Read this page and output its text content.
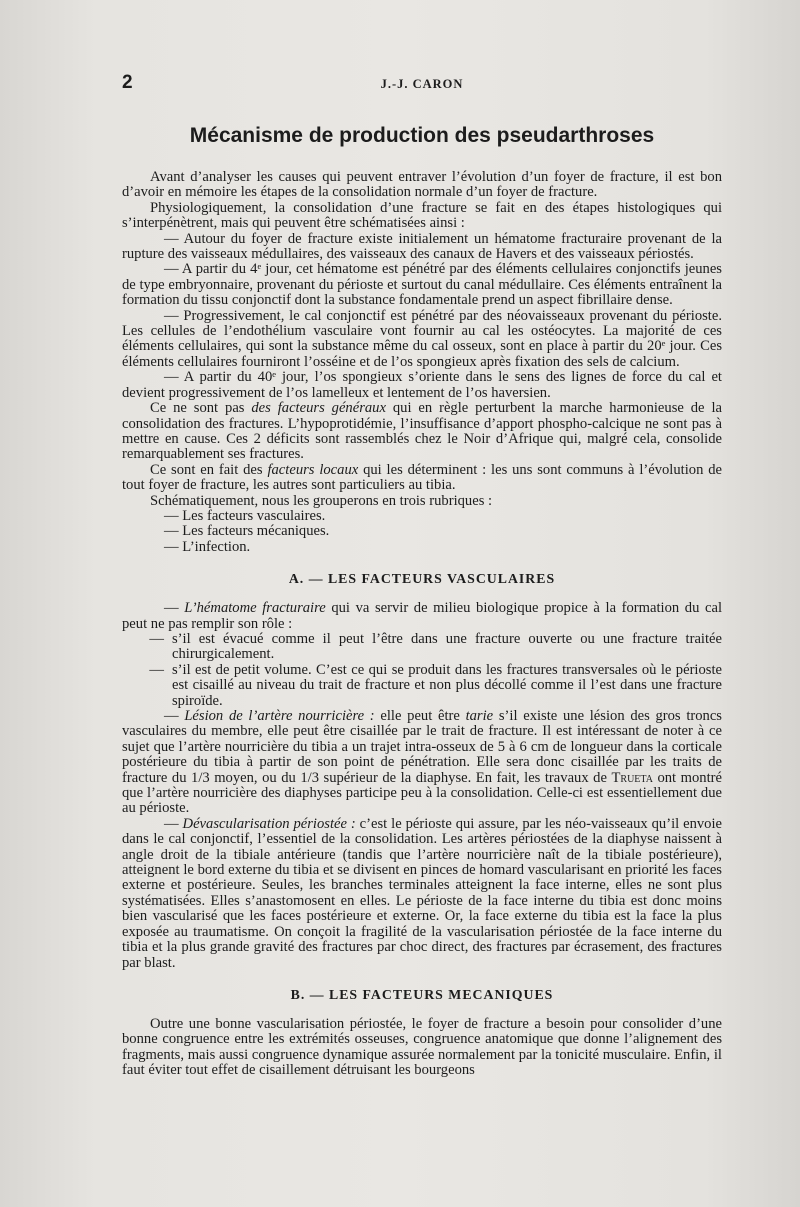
2	J.-J. CARON
Mécanisme de production des pseudarthroses

Avant d’analyser les causes qui peuvent entraver l’évolution d’un foyer de fracture, il est bon d’avoir en mémoire les étapes de la consolidation normale d’un foyer de fracture.

Physiologiquement, la consolidation d’une fracture se fait en des étapes histologiques qui s’interpénètrent, mais qui peuvent être schématisées ainsi :

— Autour du foyer de fracture existe initialement un hématome fracturaire provenant de la rupture des vaisseaux médullaires, des vaisseaux des canaux de Havers et des vaisseaux périostés.

— A partir du 4ᵉ jour, cet hématome est pénétré par des éléments cellulaires conjonctifs jeunes de type embryonnaire, provenant du périoste et surtout du canal médullaire. Ces éléments entraînent la formation du tissu conjonctif dont la substance fondamentale prend un aspect fibrillaire dense.

— Progressivement, le cal conjonctif est pénétré par des néovaisseaux provenant du périoste. Les cellules de l’endothélium vasculaire vont fournir au cal les ostéocytes. La majorité de ces éléments cellulaires, qui sont la substance même du cal osseux, sont en place à partir du 20ᵉ jour. Ces éléments cellulaires fourniront l’osséine et de l’os spongieux après fixation des sels de calcium.

— A partir du 40ᵉ jour, l’os spongieux s’oriente dans le sens des lignes de force du cal et devient progressivement de l’os lamelleux et lentement de l’os haversien.

Ce ne sont pas des facteurs généraux qui en règle perturbent la marche harmonieuse de la consolidation des fractures. L’hypoprotidémie, l’insuffisance d’apport phospho-calcique ne sont pas à mettre en cause. Ces 2 déficits sont rassemblés chez le Noir d’Afrique qui, malgré cela, consolide remarquablement ses fractures.

Ce sont en fait des facteurs locaux qui les déterminent : les uns sont communs à l’évolution de tout foyer de fracture, les autres sont particuliers au tibia.

Schématiquement, nous les grouperons en trois rubriques :

— Les facteurs vasculaires.

— Les facteurs mécaniques.

— L’infection.

A. — LES FACTEURS VASCULAIRES

— L’hématome fracturaire qui va servir de milieu biologique propice à la formation du cal peut ne pas remplir son rôle :

— s’il est évacué comme il peut l’être dans une fracture ouverte ou une fracture traitée chirurgicalement.
— s’il est de petit volume. C’est ce qui se produit dans les fractures transversales où le périoste est cisaillé au niveau du trait de fracture et non plus décollé comme il l’est dans une fracture spiroïde.

— Lésion de l’artère nourricière : elle peut être tarie s’il existe une lésion des gros troncs vasculaires du membre, elle peut être cisaillée par le trait de fracture. Il est intéressant de noter à ce sujet que l’artère nourricière du tibia a un trajet intra-osseux de 5 à 6 cm de longueur dans la corticale postérieure du tibia à partir de son point de pénétration. Elle sera donc cisaillée par les traits de fracture du 1/3 moyen, ou du 1/3 supérieur de la diaphyse. En fait, les travaux de Trueta ont montré que l’artère nourricière des diaphyses participe peu à la consolidation. Celle-ci est essentiellement due au périoste.

— Dévascularisation périostée : c’est le périoste qui assure, par les néo-vaisseaux qu’il envoie dans le cal conjonctif, l’essentiel de la consolidation. Les artères périostées de la diaphyse naissent à angle droit de la tibiale antérieure (tandis que l’artère nourricière naît de la tibiale postérieure), atteignent le bord externe du tibia et se divisent en pinces de homard vascularisant en priorité les faces externe et postérieure. Seules, les branches terminales atteignent la face interne, elles ne sont plus systématisées. Elles s’anastomosent en elles. Le périoste de la face interne du tibia est donc moins bien vascularisé que les faces postérieure et externe. Or, la face externe du tibia est la face la plus exposée au traumatisme. On conçoit la fragilité de la vascularisation périostée de la face interne du tibia et la plus grande gravité des fractures par choc direct, des fractures par écrasement, des fractures par blast.

B. — LES FACTEURS MECANIQUES

Outre une bonne vascularisation périostée, le foyer de fracture a besoin pour consolider d’une bonne congruence entre les extrémités osseuses, congruence anatomique que donne l’alignement des fragments, mais aussi congruence dynamique assurée normalement par la tonicité musculaire. Enfin, il faut éviter tout effet de cisaillement détruisant les bourgeons
